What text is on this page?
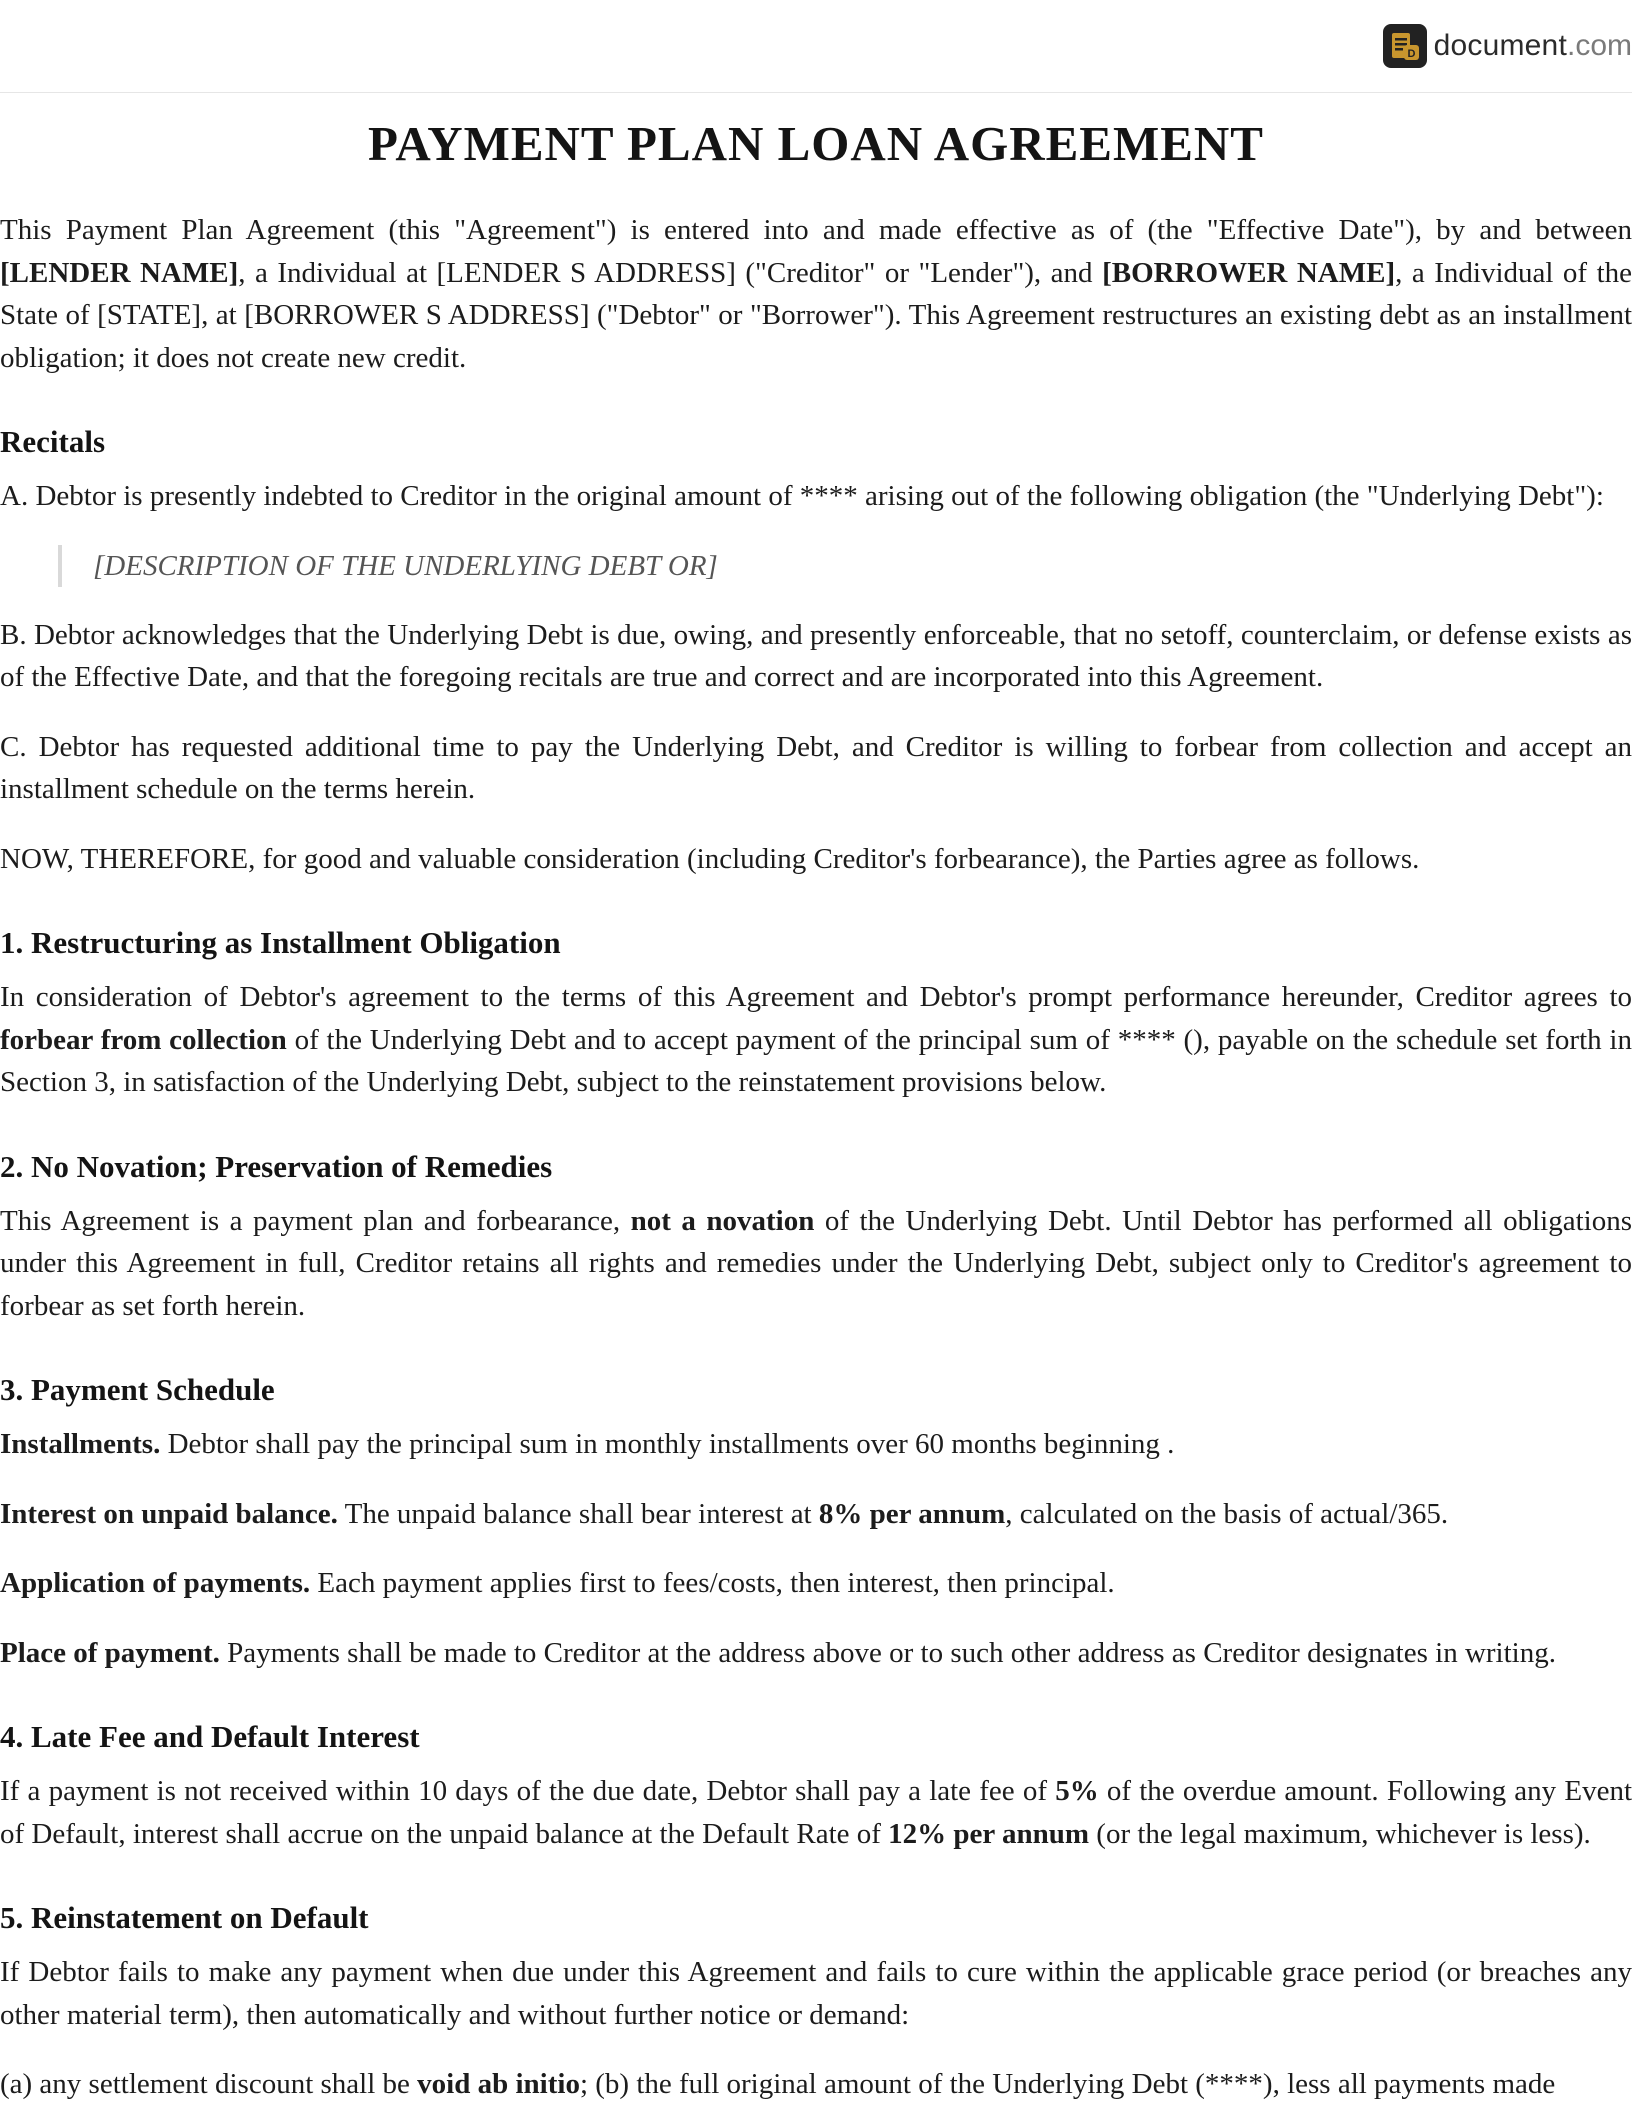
D document .com
PAYMENT PLAN LOAN AGREEMENT

This Payment Plan Agreement (this "Agreement") is entered into and made effective as of (the "Effective Date"), by and between [LENDER NAME], a Individual at [LENDER S ADDRESS] ("Creditor" or "Lender"), and [BORROWER NAME], a Individual of the State of [STATE], at [BORROWER S ADDRESS] ("Debtor" or "Borrower"). This Agreement restructures an existing debt as an installment obligation; it does not create new credit.

Recitals

A. Debtor is presently indebted to Creditor in the original amount of **** arising out of the following obligation (the "Underlying Debt"):

[DESCRIPTION OF THE UNDERLYING DEBT OR]

B. Debtor acknowledges that the Underlying Debt is due, owing, and presently enforceable, that no setoff, counterclaim, or defense exists as of the Effective Date, and that the foregoing recitals are true and correct and are incorporated into this Agreement.

C. Debtor has requested additional time to pay the Underlying Debt, and Creditor is willing to forbear from collection and accept an installment schedule on the terms herein.

NOW, THEREFORE, for good and valuable consideration (including Creditor's forbearance), the Parties agree as follows.

1. Restructuring as Installment Obligation

In consideration of Debtor's agreement to the terms of this Agreement and Debtor's prompt performance hereunder, Creditor agrees to forbear from collection of the Underlying Debt and to accept payment of the principal sum of **** (), payable on the schedule set forth in Section 3, in satisfaction of the Underlying Debt, subject to the reinstatement provisions below.

2. No Novation; Preservation of Remedies

This Agreement is a payment plan and forbearance, not a novation of the Underlying Debt. Until Debtor has performed all obligations under this Agreement in full, Creditor retains all rights and remedies under the Underlying Debt, subject only to Creditor's agreement to forbear as set forth herein.

3. Payment Schedule

Installments. Debtor shall pay the principal sum in monthly installments over 60 months beginning .

Interest on unpaid balance. The unpaid balance shall bear interest at 8% per annum, calculated on the basis of actual/365.

Application of payments. Each payment applies first to fees/costs, then interest, then principal.

Place of payment. Payments shall be made to Creditor at the address above or to such other address as Creditor designates in writing.

4. Late Fee and Default Interest

If a payment is not received within 10 days of the due date, Debtor shall pay a late fee of 5% of the overdue amount. Following any Event of Default, interest shall accrue on the unpaid balance at the Default Rate of 12% per annum (or the legal maximum, whichever is less).

5. Reinstatement on Default

If Debtor fails to make any payment when due under this Agreement and fails to cure within the applicable grace period (or breaches any other material term), then automatically and without further notice or demand:

(a) any settlement discount shall be void ab initio; (b) the full original amount of the Underlying Debt (****), less all payments made
